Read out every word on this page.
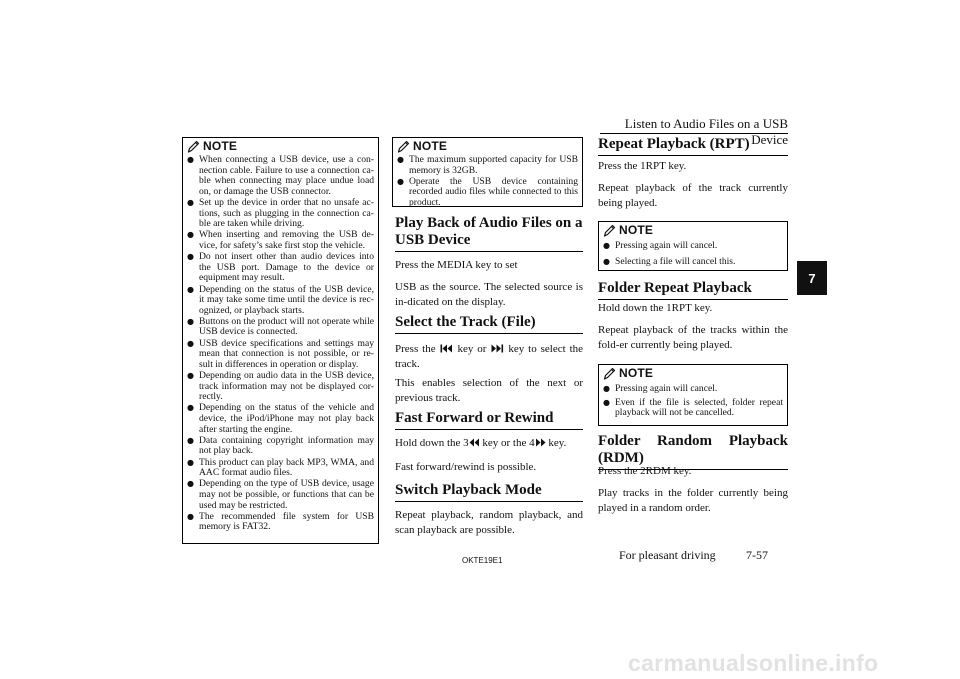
Listen to Audio Files on a USB Device
7
NOTE
● When connecting a USB device, use a con-nection cable. Failure to use a connection ca-ble when connecting may place undue load on, or damage the USB connector.
● Set up the device in order that no unsafe ac-tions, such as plugging in the connection ca-ble are taken while driving.
● When inserting and removing the USB de-vice, for safety’s sake first stop the vehicle.
● Do not insert other than audio devices into the USB port. Damage to the device or equipment may result.
● Depending on the status of the USB device, it may take some time until the device is rec-ognized, or playback starts.
● Buttons on the product will not operate while USB device is connected.
● USB device specifications and settings may mean that connection is not possible, or re-sult in differences in operation or display.
● Depending on audio data in the USB device, track information may not be displayed cor-rectly.
● Depending on the status of the vehicle and device, the iPod/iPhone may not play back after starting the engine.
● Data containing copyright information may not play back.
● This product can play back MP3, WMA, and AAC format audio files.
● Depending on the type of USB device, usage may not be possible, or functions that can be used may be restricted.
● The recommended file system for USB memory is FAT32.
NOTE
● The maximum supported capacity for USB memory is 32GB.
● Operate the USB device containing recorded audio files while connected to this product.
Play Back of Audio Files on a USB Device
Press the MEDIA key to set
USB as the source. The selected source is in-dicated on the display.
Select the Track (File)
Press the key or key to select the track.
This enables selection of the next or previous track.
Fast Forward or Rewind
Hold down the 3 key or the 4 key.
Fast forward/rewind is possible.
Switch Playback Mode
Repeat playback, random playback, and scan playback are possible.
Repeat Playback (RPT)
Press the 1RPT key.
Repeat playback of the track currently being played.
NOTE
● Pressing again will cancel.
● Selecting a file will cancel this.
Folder Repeat Playback
Hold down the 1RPT key.
Repeat playback of the tracks within the fold-er currently being played.
NOTE
● Pressing again will cancel.
● Even if the file is selected, folder repeat playback will not be cancelled.
Folder Random Playback
(RDM)
Press the 2RDM key.
Play tracks in the folder currently being played in a random order.
OKTE19E1	For pleasant driving	7-57
carmanualsonline.info
